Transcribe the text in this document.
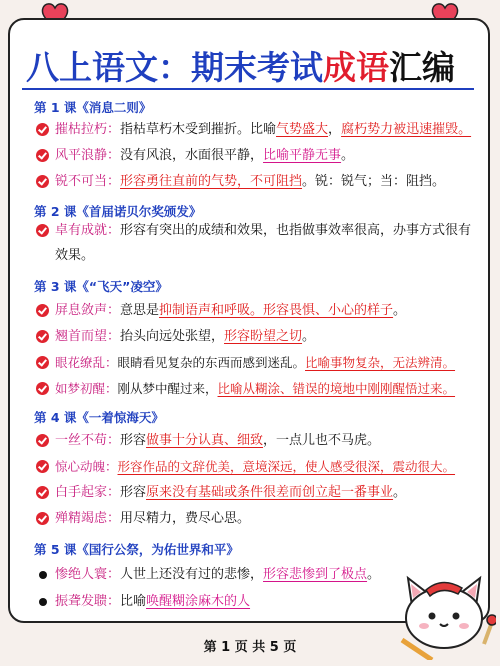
八上语文：期末考试成语汇编
第 1 课《消息二则》
摧枯拉朽：指枯草朽木受到摧折。比喻气势盛大，腐朽势力被迅速摧毁。
风平浪静：没有风浪，水面很平静，比喻平静无事。
锐不可当：形容勇往直前的气势，不可阻挡。锐：锐气；当：阻挡。
第 2 课《首届诺贝尔奖颁发》
卓有成就：形容有突出的成绩和效果，也指做事效率很高，办事方式很有效果。
第 3 课《“飞天”凌空》
屏息敛声：意思是抑制语声和呼吸。形容畏惧、小心的样子。
翘首而望：抬头向远处张望，形容盼望之切。
眼花缭乱：眼睛看见复杂的东西而感到迷乱。比喻事物复杂，无法辨清。
如梦初醒：刚从梦中醒过来，比喻从糊涂、错误的境地中刚刚醒悟过来。
第 4 课《一着惊海天》
一丝不苟：形容做事十分认真、细致，一点儿也不马虎。
惊心动魄：形容作品的文辞优美，意境深远，使人感受很深，震动很大。
白手起家：形容原来没有基础或条件很差而创立起一番事业。
殚精竭虑：用尽精力，费尽心思。
第 5 课《国行公祭，为佑世界和平》
惨绝人寰：人世上还没有过的悲惨，形容悲惨到了极点。
振聋发聩：比喻唤醒糊涂麻木的人
第 1 页 共 5 页
